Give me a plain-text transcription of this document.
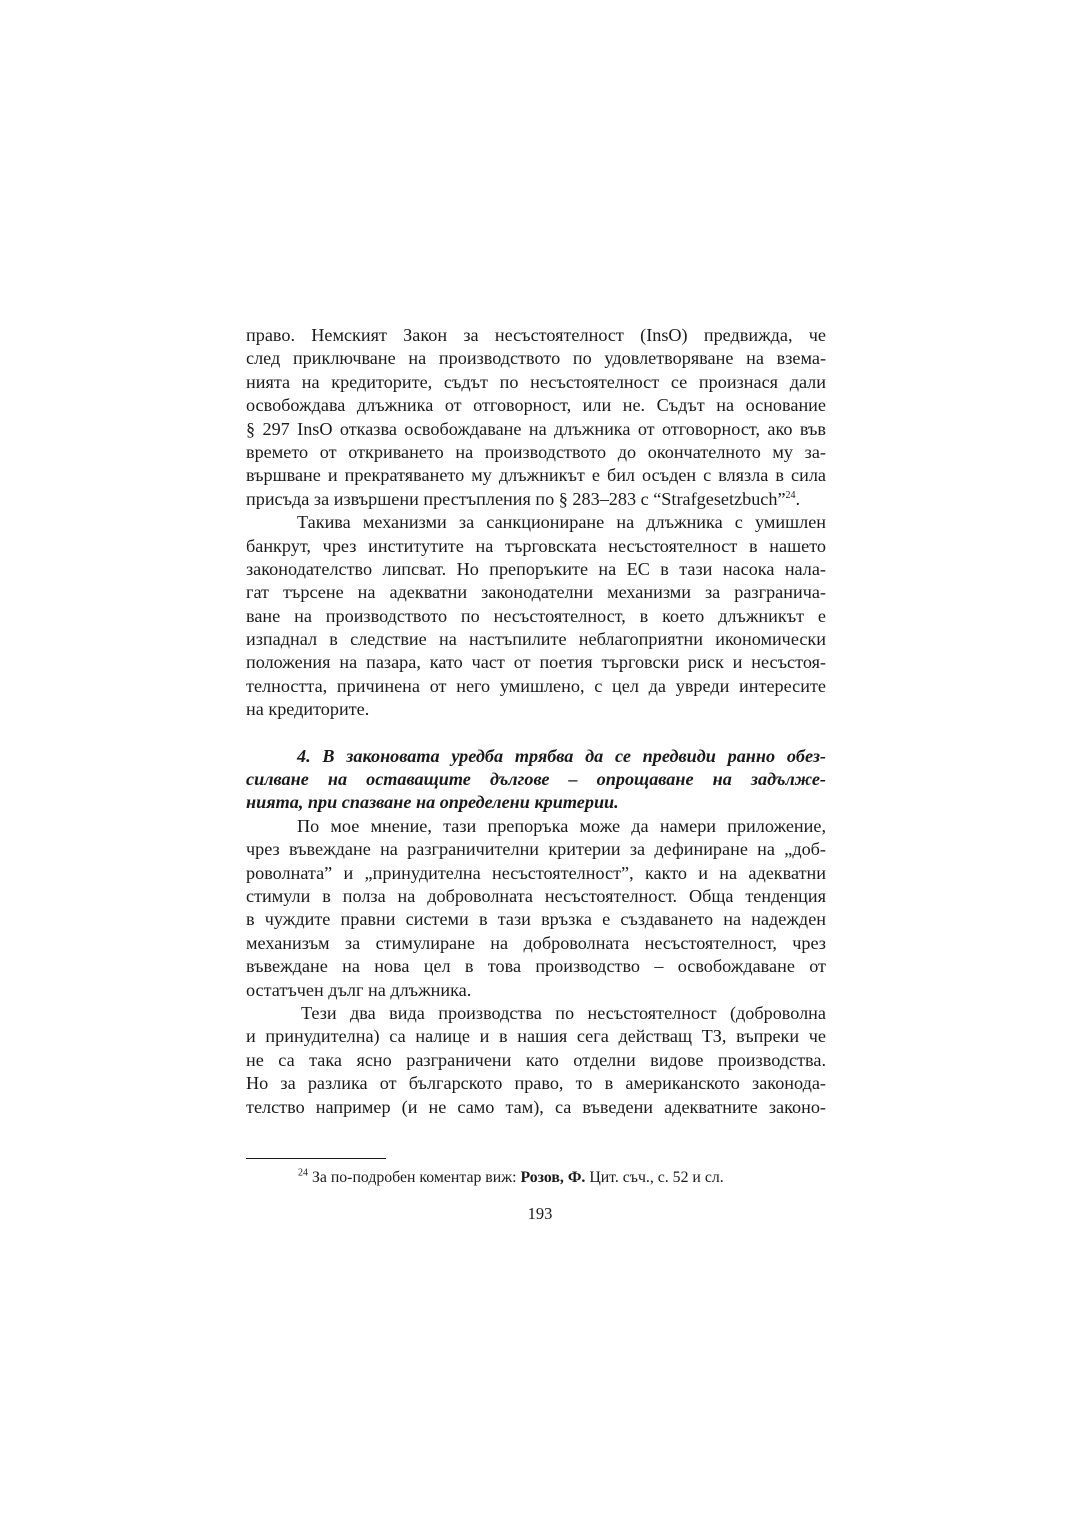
право. Немският Закон за несъстоятелност (InsO) предвижда, че
след приключване на производството по удовлетворяване на взема-
нията на кредиторите, съдът по несъстоятелност се произнася дали
освобождава длъжника от отговорност, или не. Съдът на основание
§ 297 InsO отказва освобождаване на длъжника от отговорност, ако във
времето от откриването на производството до окончателното му за-
вършване и прекратяването му длъжникът е бил осъден с влязла в сила
присъда за извършени престъпления по § 283–283 с “Strafgesetzbuch”$^{24}$.
Такива механизми за санкциониране на длъжника с умишлен
банкрут, чрез институтите на търговската несъстоятелност в нашето
законодателство липсват. Но препоръките на ЕС в тази насока нала-
гат търсене на адекватни законодателни механизми за разгранича-
ване на производството по несъстоятелност, в което длъжникът е
изпаднал в следствие на настъпилите неблагоприятни икономически
положения на пазара, като част от поетия търговски риск и несъстоя-
телността, причинена от него умишлено, с цел да увреди интересите
на кредиторите.
4. В законовата уредба трябва да се предвиди ранно обез-
силване на оставащите дългове – опрощаване на задълже-
нията, при спазване на определени критерии.
По мое мнение, тази препоръка може да намери приложение,
чрез въвеждане на разграничителни критерии за дефиниране на „доб-
роволната” и „принудителна несъстоятелност”, както и на адекватни
стимули в полза на доброволната несъстоятелност. Обща тенденция
в чуждите правни системи в тази връзка е създаването на надежден
механизъм за стимулиране на доброволната несъстоятелност, чрез
въвеждане на нова цел в това производство – освобождаване от
остатъчен дълг на длъжника.
Тези два вида производства по несъстоятелност (доброволна
и принудителна) са налице и в нашия сега действащ ТЗ, въпреки че
не са така ясно разграничени като отделни видове производства.
Но за разлика от българското право, то в американското законода-
телство например (и не само там), са въведени адекватните законо-
$^{24}$ За по-подробен коментар виж: Розов, Ф. Цит. съч., с. 52 и сл.
193
